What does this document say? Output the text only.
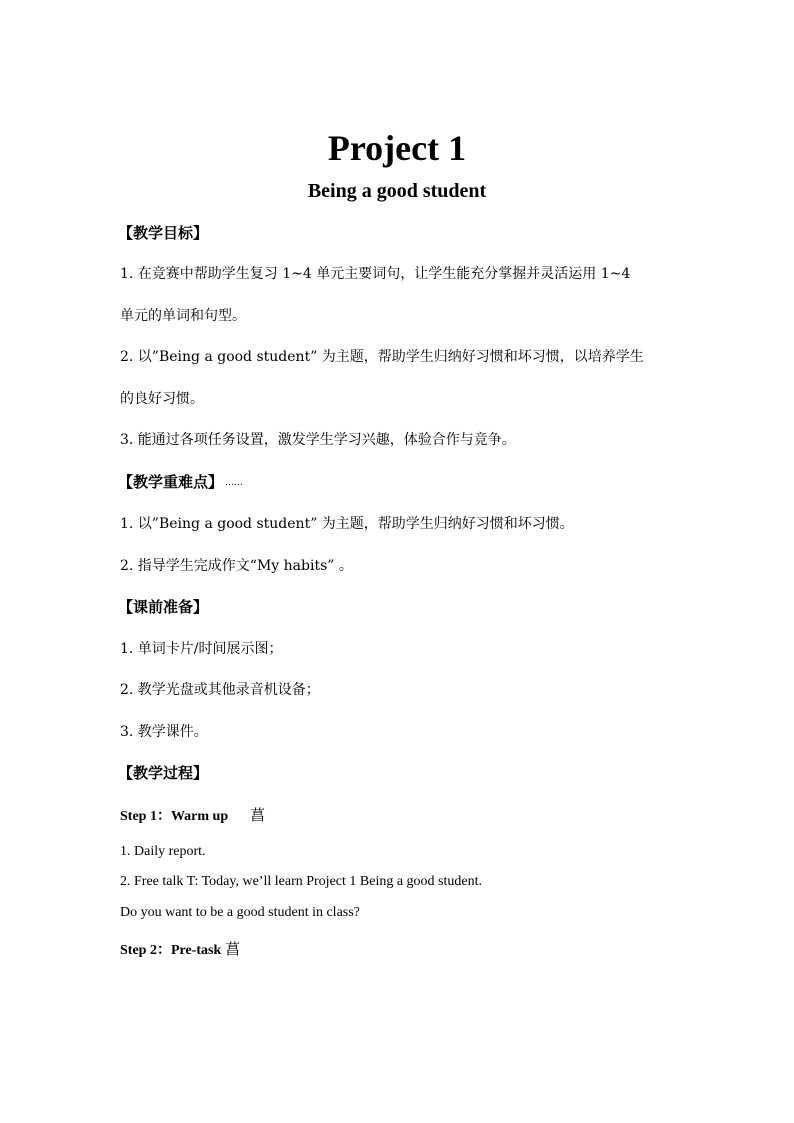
Project 1
Being a good student
【教学目标】
1. 在竞赛中帮助学生复习 1~4 单元主要词句，让学生能充分掌握并灵活运用 1~4
单元的单词和句型。
2. 以”Being a good student” 为主题，帮助学生归纳好习惯和坏习惯，以培养学生
的良好习惯。
3. 能通过各项任务设置，激发学生学习兴趣，体验合作与竞争。
【教学重难点】 ……
1. 以”Being a good student” 为主题，帮助学生归纳好习惯和坏习惯。
2. 指导学生完成作文“My habits” 。
【课前准备】
1. 单词卡片/时间展示图；
2. 教学光盘或其他录音机设备；
3. 教学课件。
【教学过程】
Step 1：Warm up 菖
1. Daily report.
2. Free talk T: Today, we’ll learn Project 1 Being a good student.
Do you want to be a good student in class?
Step 2：Pre-task 菖
